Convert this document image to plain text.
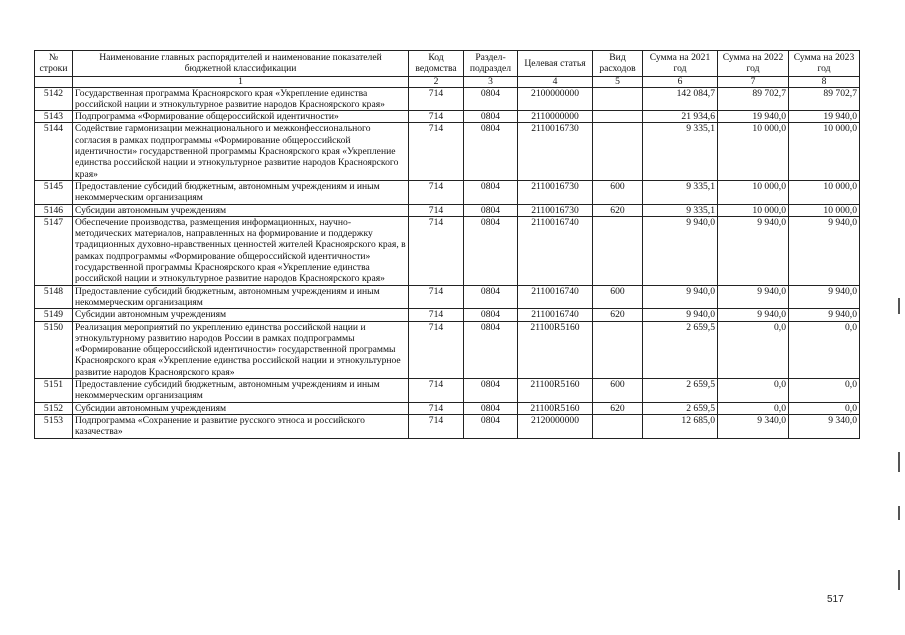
№ строки	Наименование главных распорядителей и наименование показателей бюджетной классификации	Код ведомства	Раздел-подраздел	Целевая статья	Вид расходов	Сумма на 2021 год	Сумма на 2022 год	Сумма на 2023 год
	1	2	3	4	5	6	7	8
5142	Государственная программа Красноярского края «Укрепление единства российской нации и этнокультурное развитие народов Красноярского края»	714	0804	2100000000		142 084,7	89 702,7	89 702,7
5143	Подпрограмма «Формирование общероссийской идентичности»	714	0804	2110000000		21 934,6	19 940,0	19 940,0
5144	Содействие гармонизации межнационального и межконфессионального согласия в рамках подпрограммы «Формирование общероссийской идентичности» государственной программы Красноярского края «Укрепление единства российской нации и этнокультурное развитие народов Красноярского края»	714	0804	2110016730		9 335,1	10 000,0	10 000,0
5145	Предоставление субсидий бюджетным, автономным учреждениям и иным некоммерческим организациям	714	0804	2110016730	600	9 335,1	10 000,0	10 000,0
5146	Субсидии автономным учреждениям	714	0804	2110016730	620	9 335,1	10 000,0	10 000,0
5147	Обеспечение производства, размещения информационных, научно-методических материалов, направленных на формирование и поддержку традиционных духовно-нравственных ценностей жителей Красноярского края, в рамках подпрограммы «Формирование общероссийской идентичности» государственной программы Красноярского края «Укрепление единства российской нации и этнокультурное развитие народов Красноярского края»	714	0804	2110016740		9 940,0	9 940,0	9 940,0
5148	Предоставление субсидий бюджетным, автономным учреждениям и иным некоммерческим организациям	714	0804	2110016740	600	9 940,0	9 940,0	9 940,0
5149	Субсидии автономным учреждениям	714	0804	2110016740	620	9 940,0	9 940,0	9 940,0
5150	Реализация мероприятий по укреплению единства российской нации и этнокультурному развитию народов России в рамках подпрограммы «Формирование общероссийской идентичности» государственной программы Красноярского края «Укрепление единства российской нации и этнокультурное развитие народов Красноярского края»	714	0804	21100R5160		2 659,5	0,0	0,0
5151	Предоставление субсидий бюджетным, автономным учреждениям и иным некоммерческим организациям	714	0804	21100R5160	600	2 659,5	0,0	0,0
5152	Субсидии автономным учреждениям	714	0804	21100R5160	620	2 659,5	0,0	0,0
5153	Подпрограмма «Сохранение и развитие русского этноса и российского казачества»	714	0804	2120000000		12 685,0	9 340,0	9 340,0
517
